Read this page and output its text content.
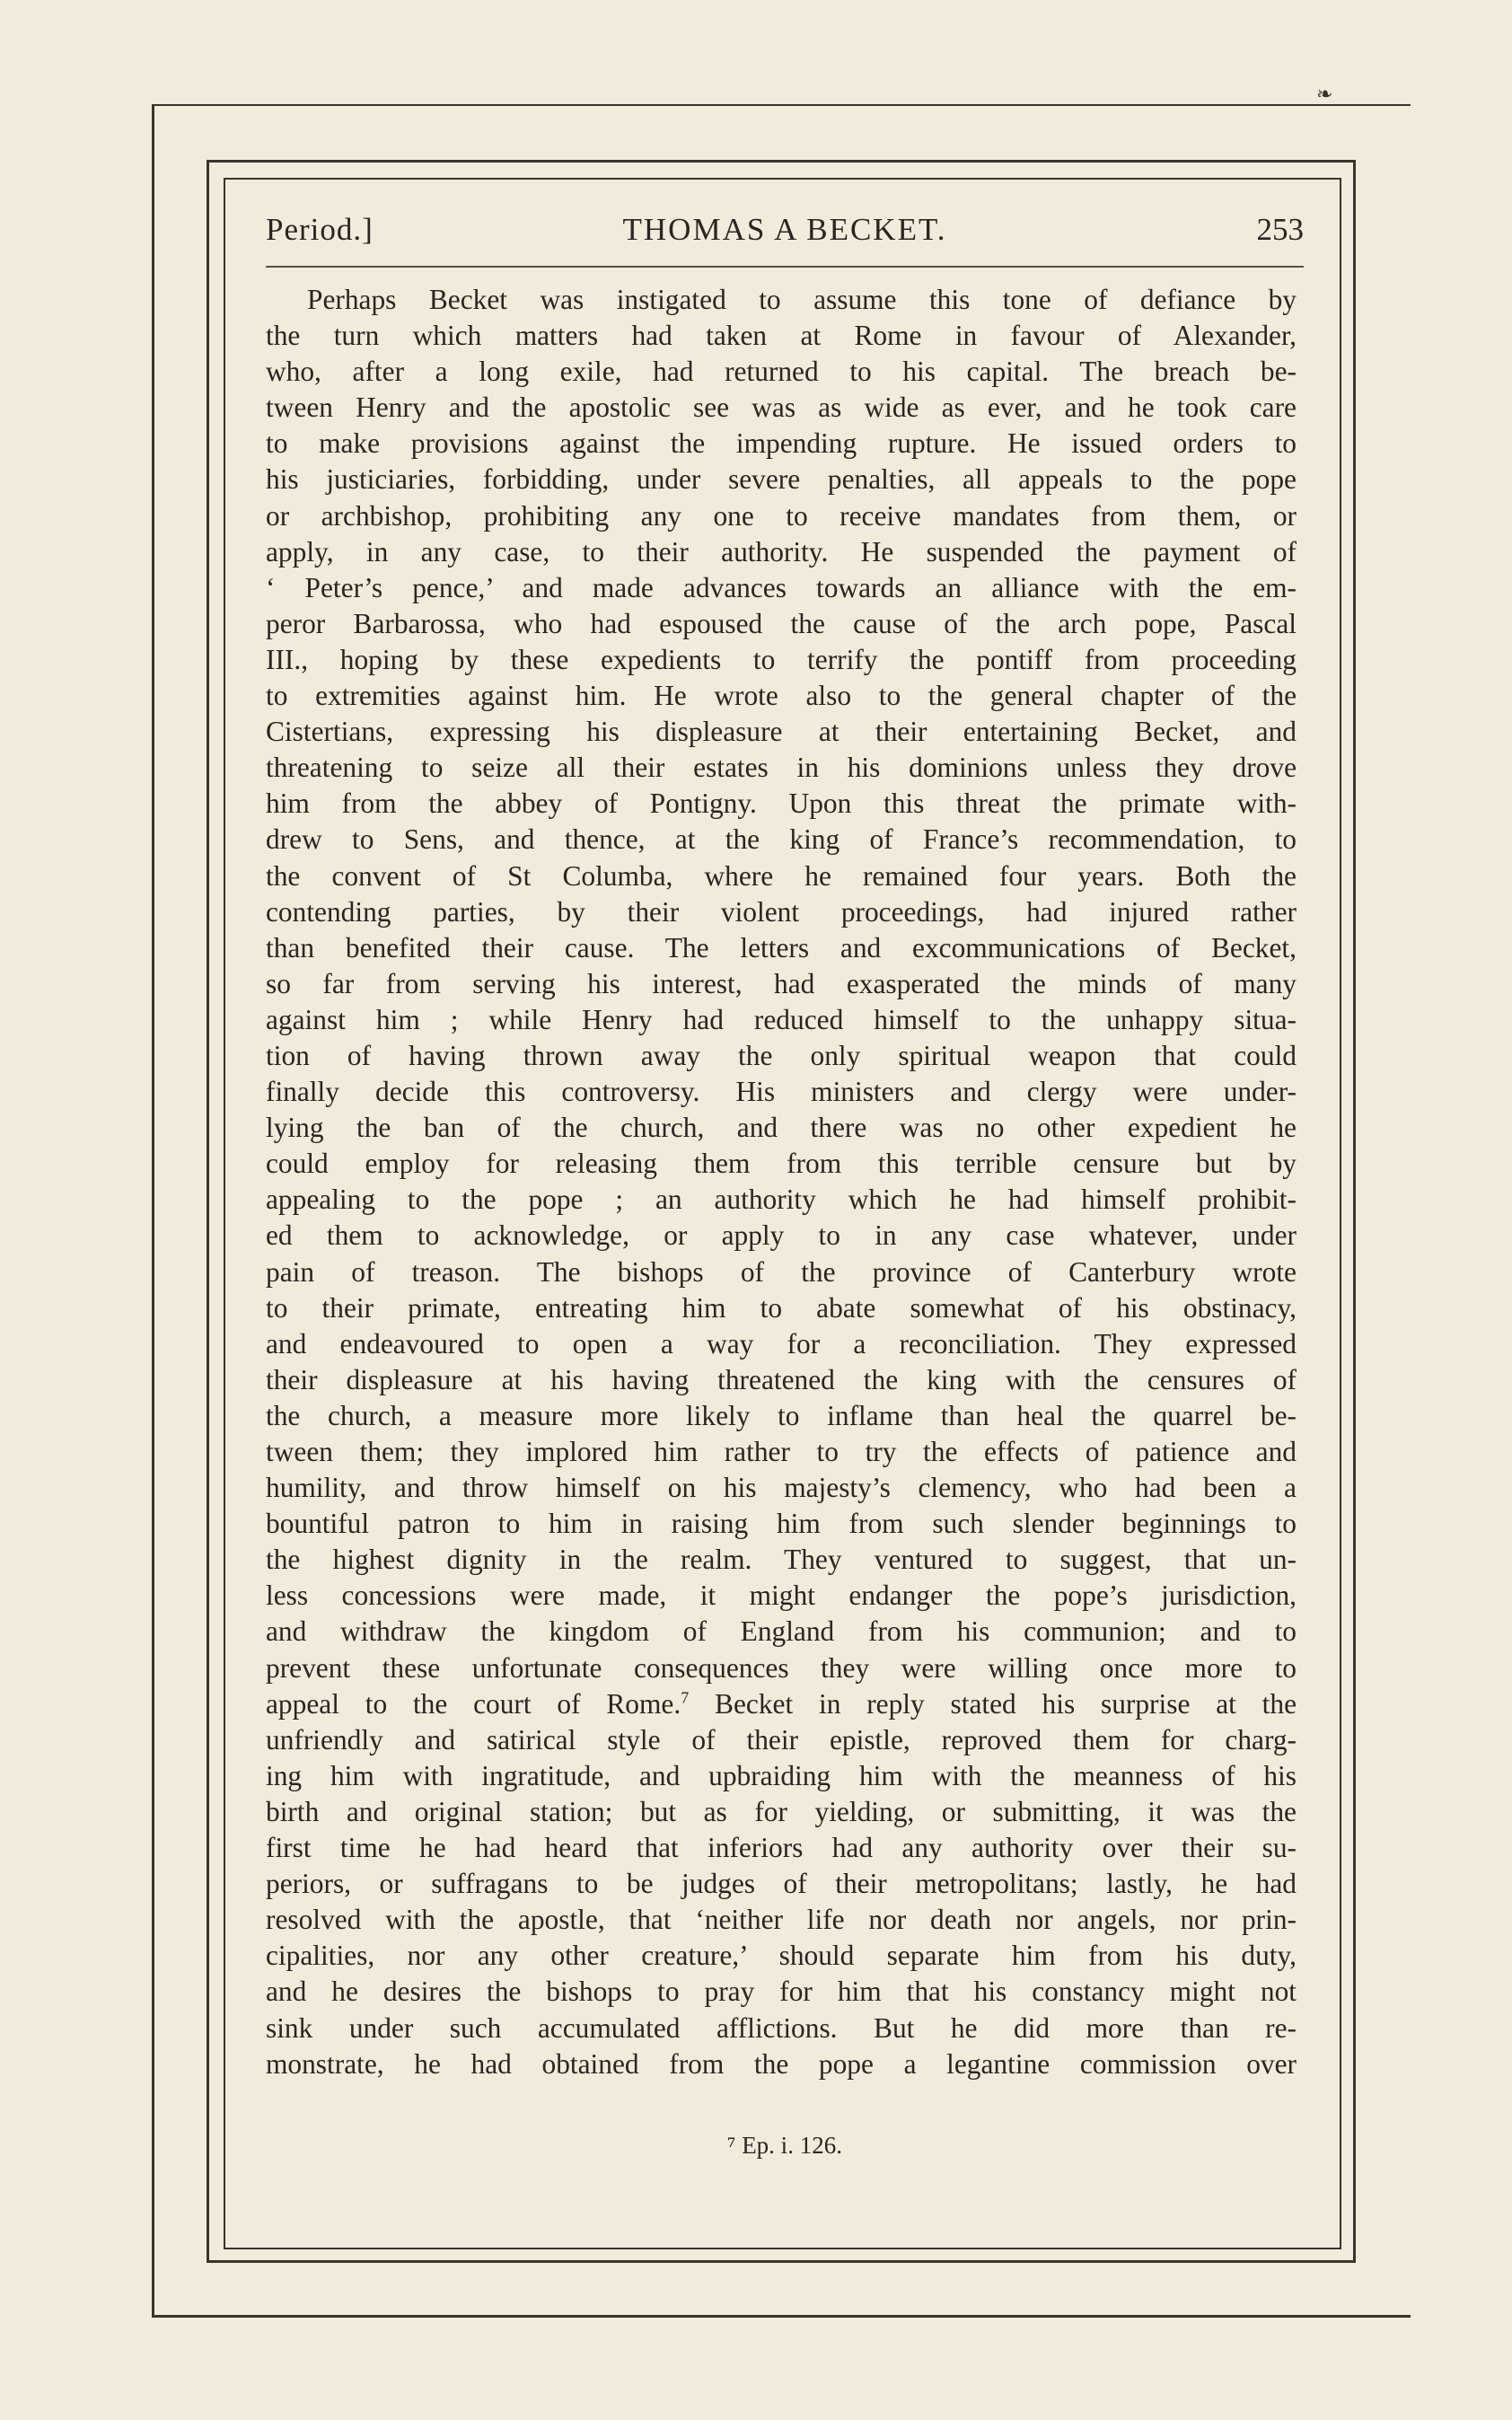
❧
Period.]	THOMAS A BECKET.	253
Perhaps Becket was instigated to assume this tone of defiance by
the turn which matters had taken at Rome in favour of Alexander,
who, after a long exile, had returned to his capital. The breach be-
tween Henry and the apostolic see was as wide as ever, and he took care
to make provisions against the impending rupture. He issued orders to
his justiciaries, forbidding, under severe penalties, all appeals to the pope
or archbishop, prohibiting any one to receive mandates from them, or
apply, in any case, to their authority. He suspended the payment of
‘ Peter’s pence,’ and made advances towards an alliance with the em-
peror Barbarossa, who had espoused the cause of the arch pope, Pascal
III., hoping by these expedients to terrify the pontiff from proceeding
to extremities against him. He wrote also to the general chapter of the
Cistertians, expressing his displeasure at their entertaining Becket, and
threatening to seize all their estates in his dominions unless they drove
him from the abbey of Pontigny. Upon this threat the primate with-
drew to Sens, and thence, at the king of France’s recommendation, to
the convent of St Columba, where he remained four years. Both the
contending parties, by their violent proceedings, had injured rather
than benefited their cause. The letters and excommunications of Becket,
so far from serving his interest, had exasperated the minds of many
against him ; while Henry had reduced himself to the unhappy situa-
tion of having thrown away the only spiritual weapon that could
finally decide this controversy. His ministers and clergy were under-
lying the ban of the church, and there was no other expedient he
could employ for releasing them from this terrible censure but by
appealing to the pope ; an authority which he had himself prohibit-
ed them to acknowledge, or apply to in any case whatever, under
pain of treason. The bishops of the province of Canterbury wrote
to their primate, entreating him to abate somewhat of his obstinacy,
and endeavoured to open a way for a reconciliation. They expressed
their displeasure at his having threatened the king with the censures of
the church, a measure more likely to inflame than heal the quarrel be-
tween them; they implored him rather to try the effects of patience and
humility, and throw himself on his majesty’s clemency, who had been a
bountiful patron to him in raising him from such slender beginnings to
the highest dignity in the realm. They ventured to suggest, that un-
less concessions were made, it might endanger the pope’s jurisdiction,
and withdraw the kingdom of England from his communion; and to
prevent these unfortunate consequences they were willing once more to
appeal to the court of Rome.$^7$ Becket in reply stated his surprise at the
unfriendly and satirical style of their epistle, reproved them for charg-
ing him with ingratitude, and upbraiding him with the meanness of his
birth and original station; but as for yielding, or submitting, it was the
first time he had heard that inferiors had any authority over their su-
periors, or suffragans to be judges of their metropolitans; lastly, he had
resolved with the apostle, that ‘neither life nor death nor angels, nor prin-
cipalities, nor any other creature,’ should separate him from his duty,
and he desires the bishops to pray for him that his constancy might not
sink under such accumulated afflictions. But he did more than re-
monstrate, he had obtained from the pope a legantine commission over
⁷ Ep. i. 126.
